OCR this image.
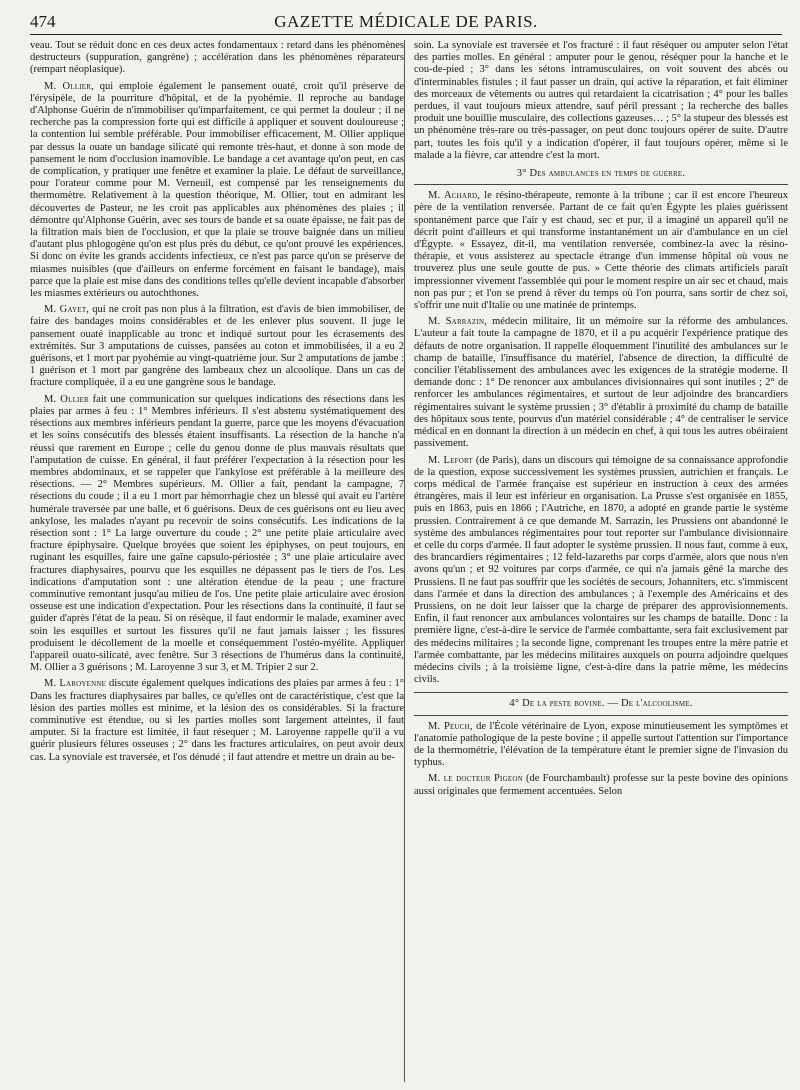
474	GAZETTE MÉDICALE DE PARIS.

veau. Tout se réduit donc en ces deux actes fondamentaux : retard dans les phénomènes destructeurs (suppuration, gangrène) ; accélération dans les phénomènes réparateurs (rempart néoplasique).

M. Ollier, qui emploie également le pansement ouaté, croit qu'il préserve de l'érysipèle, de la pourriture d'hôpital, et de la pyohémie. Il reproche au bandage d'Alphonse Guérin de n'immobiliser qu'imparfaitement, ce qui permet la douleur ; il ne recherche pas la compression forte qui est difficile à appliquer et souvent douloureuse ; la contention lui semble préférable. Pour immobiliser efficacement, M. Ollier applique par dessus la ouate un bandage silicaté qui remonte très-haut, et donne à son mode de pansement le nom d'occlusion inamovible. Le bandage a cet avantage qu'on peut, en cas de complication, y pratiquer une fenêtre et examiner la plaie. Le défaut de surveillance, pour l'orateur comme pour M. Verneuil, est compensé par les renseignements du thermomètre. Relativement à la question théorique, M. Ollier, tout en admirant les découvertes de Pasteur, ne les croit pas applicables aux phénomènes des plaies ; il démontre qu'Alphonse Guérin, avec ses tours de bande et sa ouate épaisse, ne fait pas de la filtration mais bien de l'occlusion, et que la plaie se trouve baignée dans un milieu d'autant plus phlogogène qu'on est plus près du début, ce qu'ont prouvé les expériences. Si donc on évite les grands accidents infectieux, ce n'est pas parce qu'on se préserve de miasmes nuisibles (que d'ailleurs on enferme forcément en faisant le bandage), mais parce que la plaie est mise dans des conditions telles qu'elle devient incapable d'absorber les miasmes extérieurs ou autochthones.

M. Gayet, qui ne croit pas non plus à la filtration, est d'avis de bien immobiliser, de faire des bandages moins considérables et de les enlever plus souvent. Il juge le pansement ouaté inapplicable au tronc et indiqué surtout pour les écrasements des extrémités. Sur 3 amputations de cuisses, pansées au coton et immobilisées, il a eu 2 guérisons, et 1 mort par pyohémie au vingt-quatrième jour. Sur 2 amputations de jambe : 1 guérison et 1 mort par gangrène des lambeaux chez un alcoolique. Dans un cas de fracture compliquée, il a eu une gangrène sous le bandage.

M. Ollier fait une communication sur quelques indications des résections dans les plaies par armes à feu : 1° Membres inférieurs. Il s'est abstenu systématiquement des résections aux membres inférieurs pendant la guerre, parce que les moyens d'évacuation et les soins consécutifs des blessés étaient insuffisants. La résection de la hanche n'a réussi que rarement en Europe ; celle du genou donne de plus mauvais résultats que l'amputation de cuisse. En général, il faut préférer l'expectation à la résection pour les membres abdominaux, et se rappeler que l'ankylose est préférable à la meilleure des résections. — 2° Membres supérieurs. M. Ollier a fait, pendant la campagne, 7 résections du coude ; il a eu 1 mort par hémorrhagie chez un blessé qui avait eu l'artère humérale traversée par une balle, et 6 guérisons. Deux de ces guérisons ont eu lieu avec ankylose, les malades n'ayant pu recevoir de soins consécutifs. Les indications de la résection sont : 1° La large ouverture du coude ; 2° une petite plaie articulaire avec fracture épiphysaire. Quelque broyées que soient les épiphyses, on peut toujours, en ruginant les esquilles, faire une gaîne capsulo-périostée ; 3° une plaie articulaire avec fractures diaphysaires, pourvu que les esquilles ne dépassent pas le tiers de l'os. Les indications d'amputation sont : une altération étendue de la peau ; une fracture comminutive remontant jusqu'au milieu de l'os. Une petite plaie articulaire avec érosion osseuse est une indication d'expectation. Pour les résections dans la continuité, il faut se guider d'après l'état de la peau. Si on résèque, il faut endormir le malade, examiner avec soin les esquilles et surtout les fissures qu'il ne faut jamais laisser ; les fissures produisent le décollement de la moelle et conséquemment l'ostéo-myélite. Appliquer l'appareil ouato-silicaté, avec fenêtre. Sur 3 résections de l'humérus dans la continuité, M. Ollier a 3 guérisons ; M. Laroyenne 3 sur 3, et M. Tripier 2 sur 2.

M. Laroyenne discute également quelques indications des plaies par armes à feu : 1° Dans les fractures diaphysaires par balles, ce qu'elles ont de caractéristique, c'est que la lésion des parties molles est minime, et la lésion des os considérables. Si la fracture comminutive est étendue, ou si les parties molles sont largement atteintes, il faut amputer. Si la fracture est limitée, il faut résequer ; M. Laroyenne rappelle qu'il a vu guérir plusieurs félures osseuses ; 2° dans les fractures articulaires, on peut avoir deux cas. La synoviale est traversée, et l'os dénudé ; il faut attendre et mettre un drain au be-

soin. La synoviale est traversée et l'os fracturé : il faut réséquer ou amputer selon l'état des parties molles. En général : amputer pour le genou, réséquer pour la hanche et le cou-de-pied ; 3° dans les sétons intramusculaires, on voit souvent des abcès ou d'interminables fistules ; il faut passer un drain, qui active la réparation, et fait éliminer des morceaux de vêtements ou autres qui retardaient la cicatrisation ; 4° pour les balles perdues, il vaut toujours mieux attendre, sauf péril pressant ; la recherche des balles produit une bouillie musculaire, des collections gazeuses… ; 5° la stupeur des blessés est un phénomène très-rare ou très-passager, on peut donc toujours opérer de suite. D'autre part, toutes les fois qu'il y a indication d'opérer, il faut toujours opérer, même si le malade a la fièvre, car attendre c'est la mort.

3° Des ambulances en temps de guerre.

M. Achard, le résino-thérapeute, remonte à la tribune ; car il est encore l'heureux père de la ventilation renversée. Partant de ce fait qu'en Égypte les plaies guérissent spontanément parce que l'air y est chaud, sec et pur, il a imaginé un appareil qu'il ne décrit point d'ailleurs et qui transforme instantanément un air d'ambulance en un ciel d'Égypte. « Essayez, dit-il, ma ventilation renversée, combinez-la avec la résino-thérapie, et vous assisterez au spectacle étrange d'un immense hôpital où vous ne trouverez plus une seule goutte de pus. » Cette théorie des climats artificiels paraît impressionner vivement l'assemblée qui pour le moment respire un air sec et chaud, mais non pas pur ; et l'on se prend à rêver du temps où l'on pourra, sans sortir de chez soi, s'offrir une nuit d'Italie ou une matinée de printemps.

M. Sarrazin, médecin militaire, lit un mémoire sur la réforme des ambulances. L'auteur a fait toute la campagne de 1870, et il a pu acquérir l'expérience pratique des défauts de notre organisation. Il rappelle éloquemment l'inutilité des ambulances sur le champ de bataille, l'insuffisance du matériel, l'absence de direction, la difficulté de concilier l'établissement des ambulances avec les exigences de la stratégie moderne. Il demande donc : 1° De renoncer aux ambulances divisionnaires qui sont inutiles ; 2° de renforcer les ambulances régimentaires, et surtout de leur adjoindre des brancardiers régimentaires suivant le système prussien ; 3° d'établir à proximité du champ de bataille des hôpitaux sous tente, pourvus d'un matériel considérable ; 4° de centraliser le service médical en en donnant la direction à un médecin en chef, à qui tous les autres obéiraient passivement.

M. Lefort (de Paris), dans un discours qui témoigne de sa connaissance approfondie de la question, expose successivement les systèmes prussien, autrichien et français. Le corps médical de l'armée française est supérieur en instruction à ceux des armées étrangères, mais il leur est inférieur en organisation. La Prusse s'est organisée en 1855, puis en 1863, puis en 1866 ; l'Autriche, en 1870, a adopté en grande partie le système prussien. Contrairement à ce que demande M. Sarrazin, les Prussiens ont abandonné le système des ambulances régimentaires pour tout reporter sur l'ambulance divisionnaire et celle du corps d'armée. Il faut adopter le système prussien. Il nous faut, comme à eux, des brancardiers régimentaires ; 12 feld-lazareths par corps d'armée, alors que nous n'en avons qu'un ; et 92 voitures par corps d'armée, ce qui n'a jamais gêné la marche des Prussiens. Il ne faut pas souffrir que les sociétés de secours, Johanniters, etc. s'immiscent dans l'armée et dans la direction des ambulances ; à l'exemple des Américains et des Prussiens, on ne doit leur laisser que la charge de préparer des approvisionnements. Enfin, il faut renoncer aux ambulances volontaires sur les champs de bataille. Donc : la première ligne, c'est-à-dire le service de l'armée combattante, sera fait exclusivement par des médecins militaires ; la seconde ligne, comprenant les troupes entre la mère patrie et l'armée combattante, par les médecins militaires auxquels on pourra adjoindre quelques médecins civils ; à la troisième ligne, c'est-à-dire dans la patrie même, les médecins civils.

4° De la peste bovine. — De l'alcoolisme.

M. Peuch, de l'École vétérinaire de Lyon, expose minutieusement les symptômes et l'anatomie pathologique de la peste bovine ; il appelle surtout l'attention sur l'importance de la thermométrie, l'élévation de la température étant le premier signe de l'invasion du typhus.

M. le docteur Pigeon (de Fourchambault) professe sur la peste bovine des opinions aussi originales que fermement accentuées. Selon
